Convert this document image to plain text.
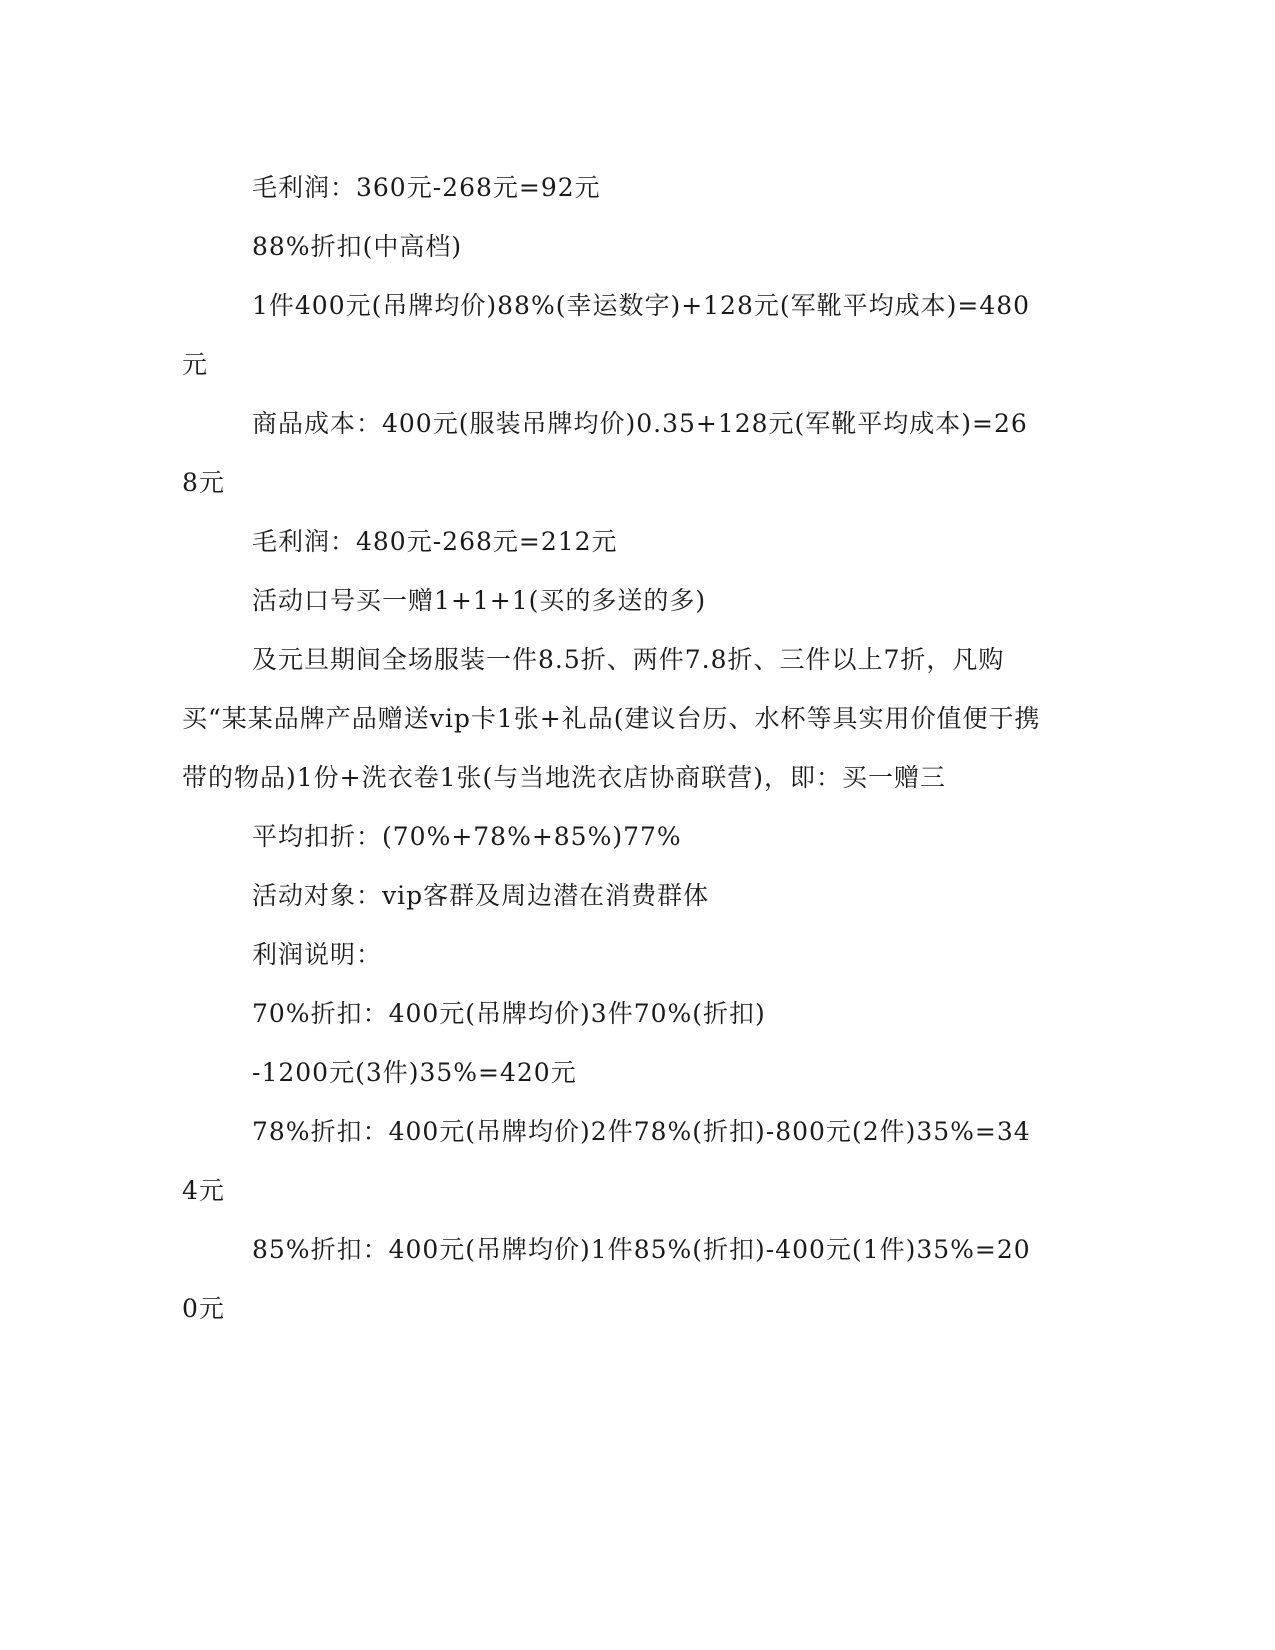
毛利润：360元-268元=92元

88%折扣(中高档)

1件400元(吊牌均价)88%(幸运数字)+128元(军靴平均成本)=480元

商品成本：400元(服装吊牌均价)0.35+128元(军靴平均成本)=268元

毛利润：480元-268元=212元

活动口号买一赠1+1+1(买的多送的多)

及元旦期间全场服装一件8.5折、两件7.8折、三件以上7折，凡购买“某某品牌产品赠送vip卡1张+礼品(建议台历、水杯等具实用价值便于携带的物品)1份+洗衣卷1张(与当地洗衣店协商联营)，即：买一赠三

平均扣折：(70%+78%+85%)77%

活动对象：vip客群及周边潜在消费群体

利润说明：

70%折扣：400元(吊牌均价)3件70%(折扣)

-1200元(3件)35%=420元

78%折扣：400元(吊牌均价)2件78%(折扣)-800元(2件)35%=344元

85%折扣：400元(吊牌均价)1件85%(折扣)-400元(1件)35%=200元
